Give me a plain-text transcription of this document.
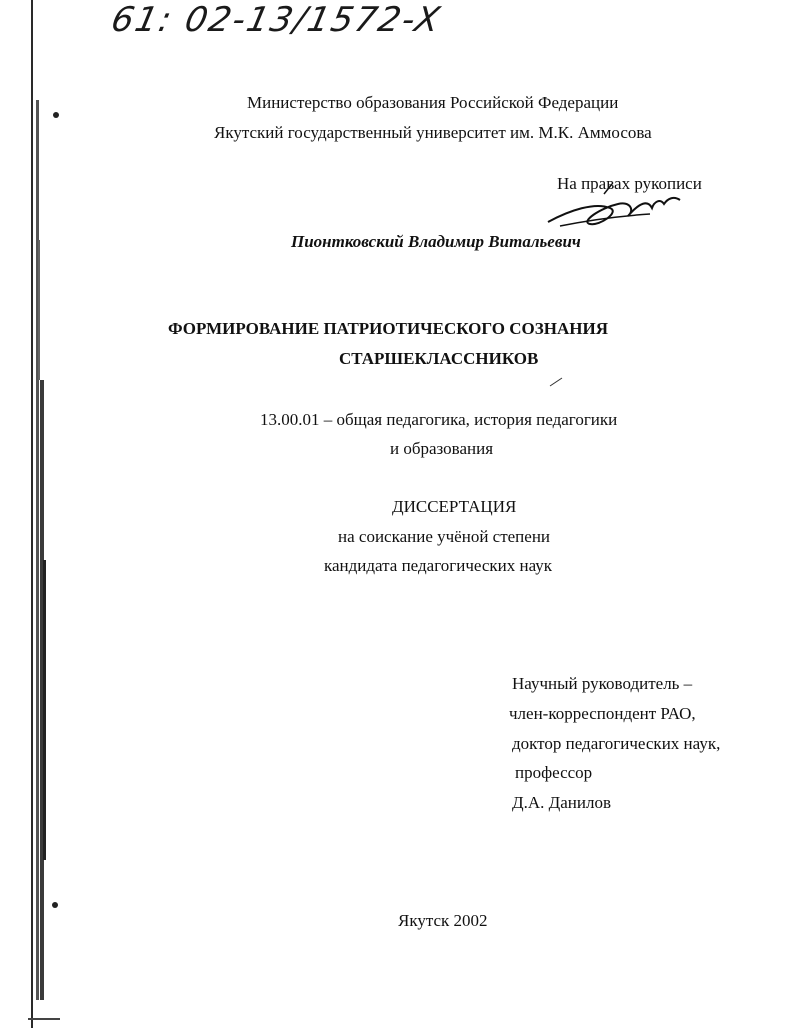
61: 02-13/1572-X
Министерство образования Российской Федерации
Якутский государственный университет им. М.К. Аммосова
На правах рукописи
Пионтковский Владимир Витальевич
ФОРМИРОВАНИЕ ПАТРИОТИЧЕСКОГО СОЗНАНИЯ
СТАРШЕКЛАССНИКОВ
13.00.01 – общая педагогика, история педагогики
и образования
ДИССЕРТАЦИЯ
на соискание учёной степени
кандидата педагогических наук
Научный руководитель –
член-корреспондент РАО,
доктор педагогических наук,
профессор
Д.А. Данилов
Якутск 2002
